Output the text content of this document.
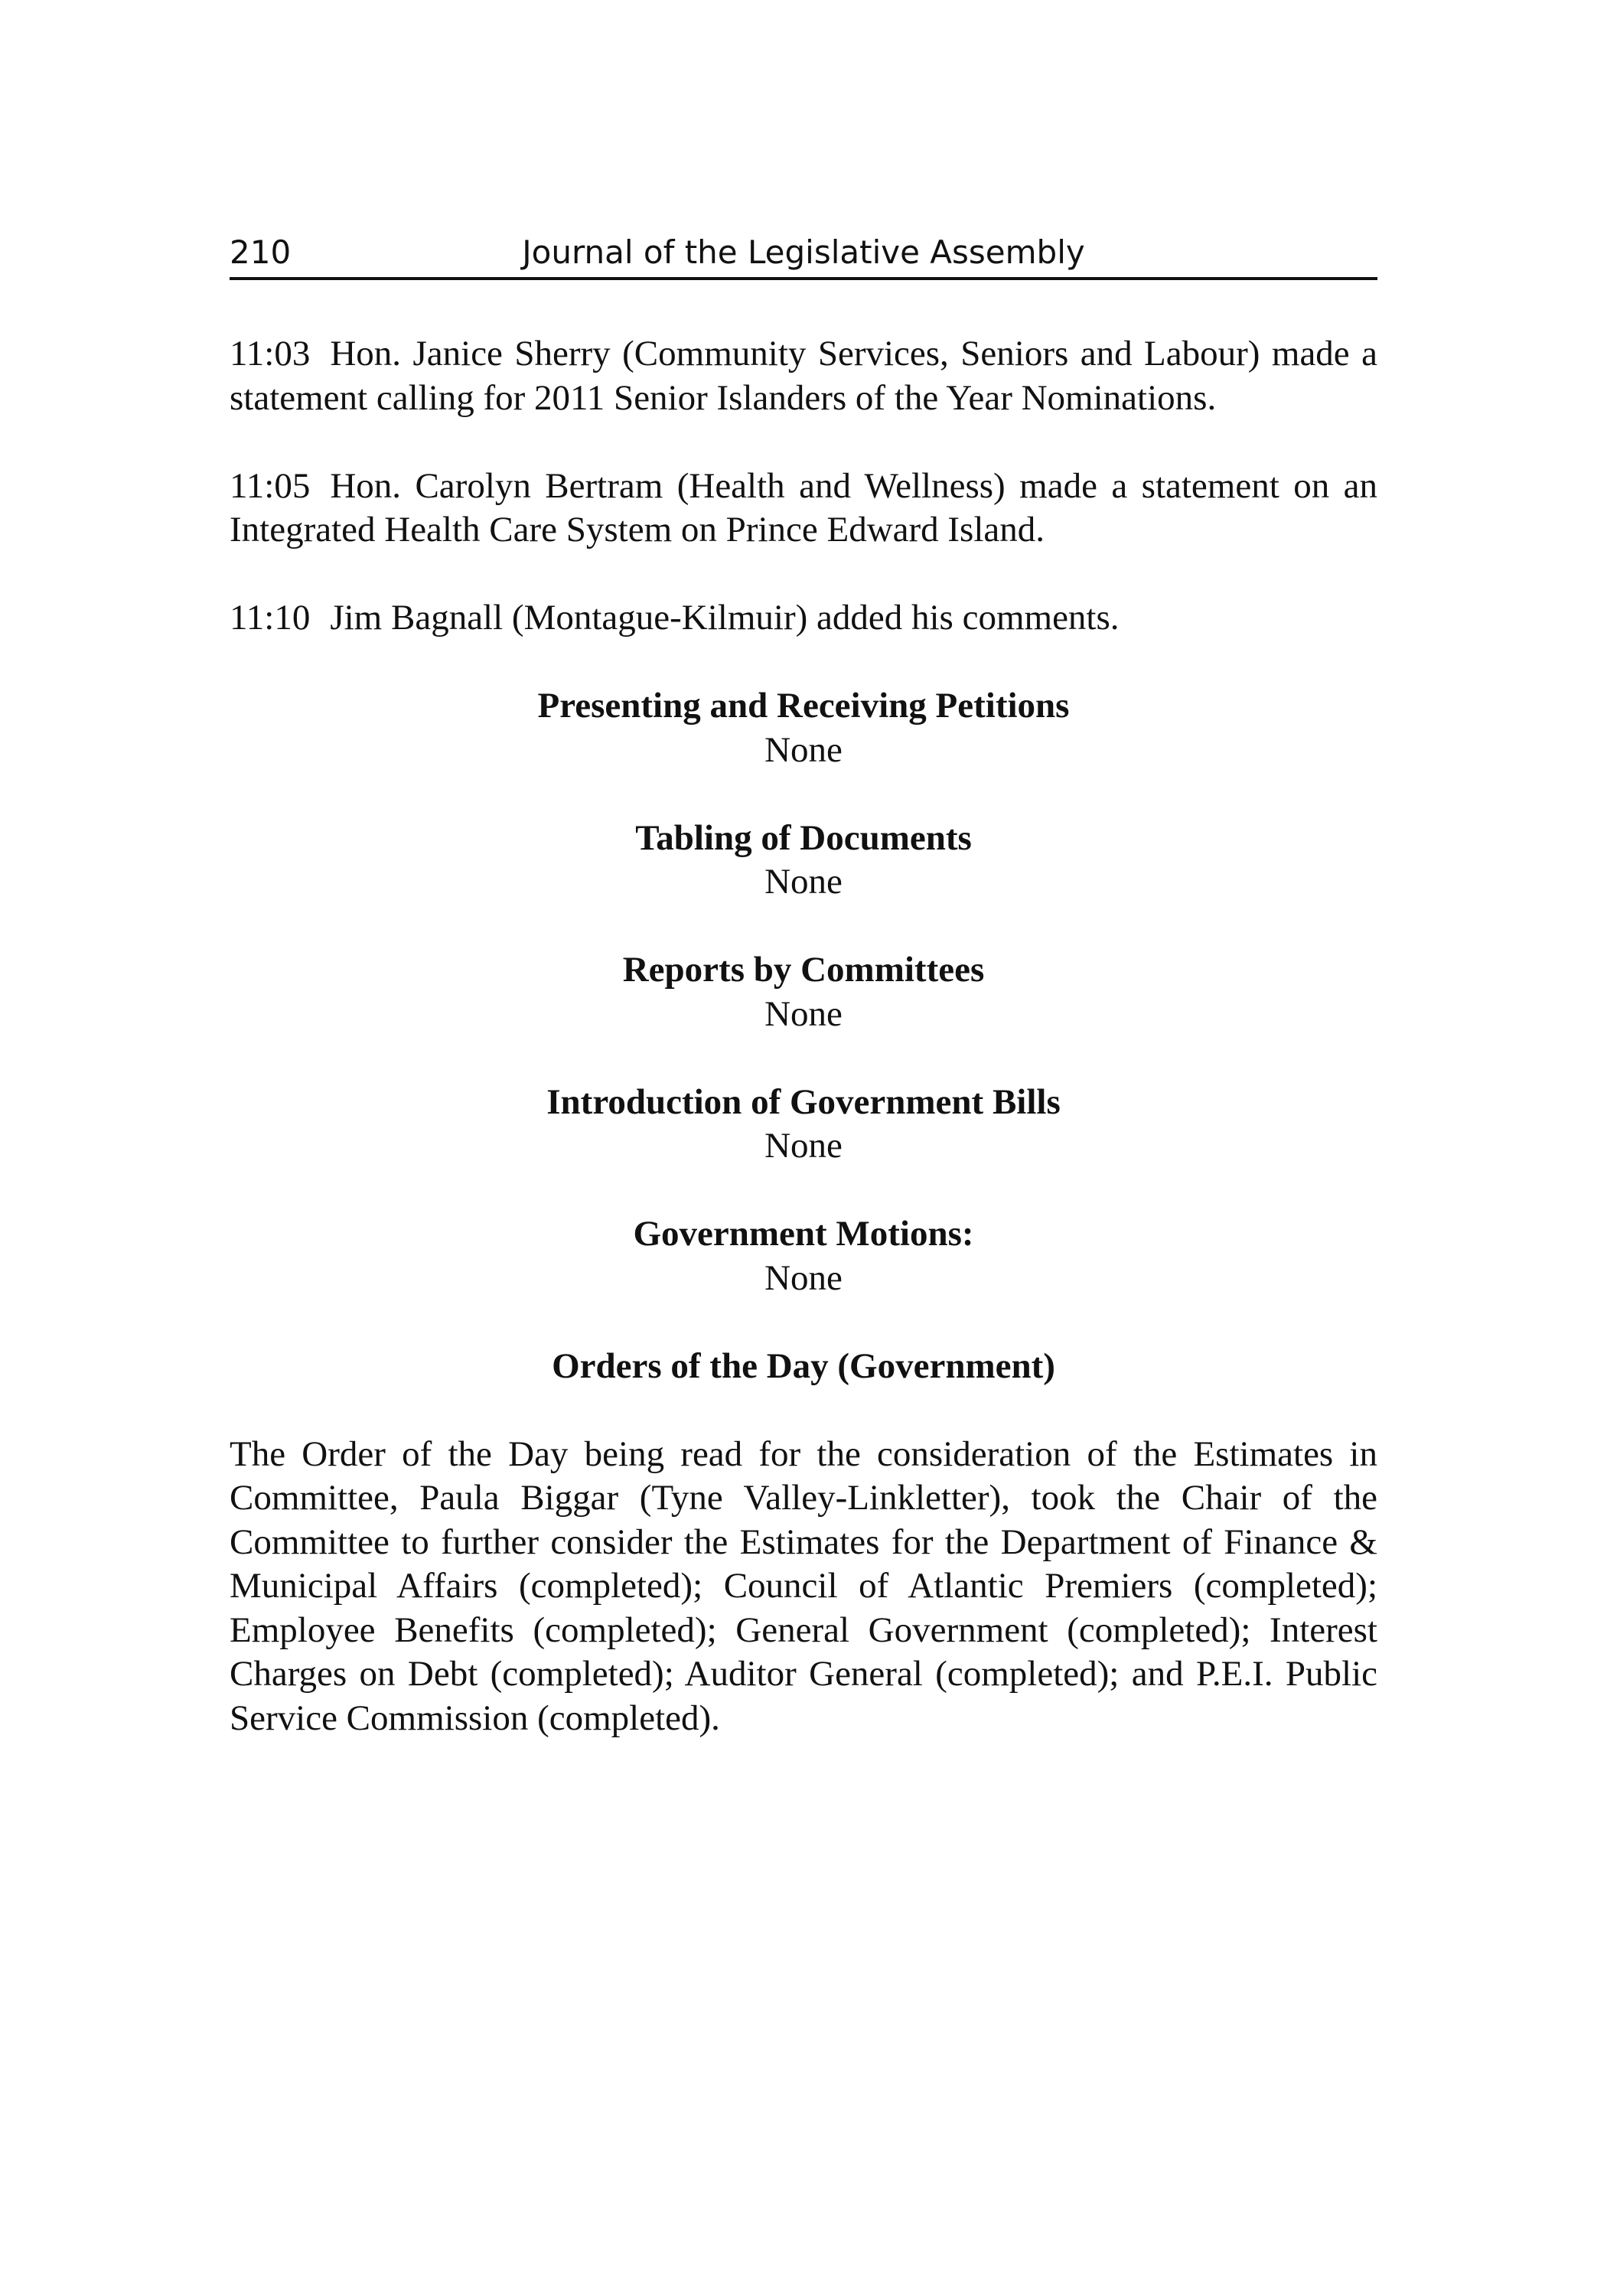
210	Journal of the Legislative Assembly

11:03 Hon. Janice Sherry (Community Services, Seniors and Labour) made a statement calling for 2011 Senior Islanders of the Year Nominations.

11:05 Hon. Carolyn Bertram (Health and Wellness) made a statement on an Integrated Health Care System on Prince Edward Island.

11:10 Jim Bagnall (Montague-Kilmuir) added his comments.

Presenting and Receiving Petitions

None

Tabling of Documents

None

Reports by Committees

None

Introduction of Government Bills

None

Government Motions:

None

Orders of the Day (Government)

The Order of the Day being read for the consideration of the Estimates in Committee, Paula Biggar (Tyne Valley-Linkletter), took the Chair of the Committee to further consider the Estimates for the Department of Finance & Municipal Affairs (completed); Council of Atlantic Premiers (completed); Employee Benefits (completed); General Government (completed); Interest Charges on Debt (completed); Auditor General (completed); and P.E.I. Public Service Commission (completed).
